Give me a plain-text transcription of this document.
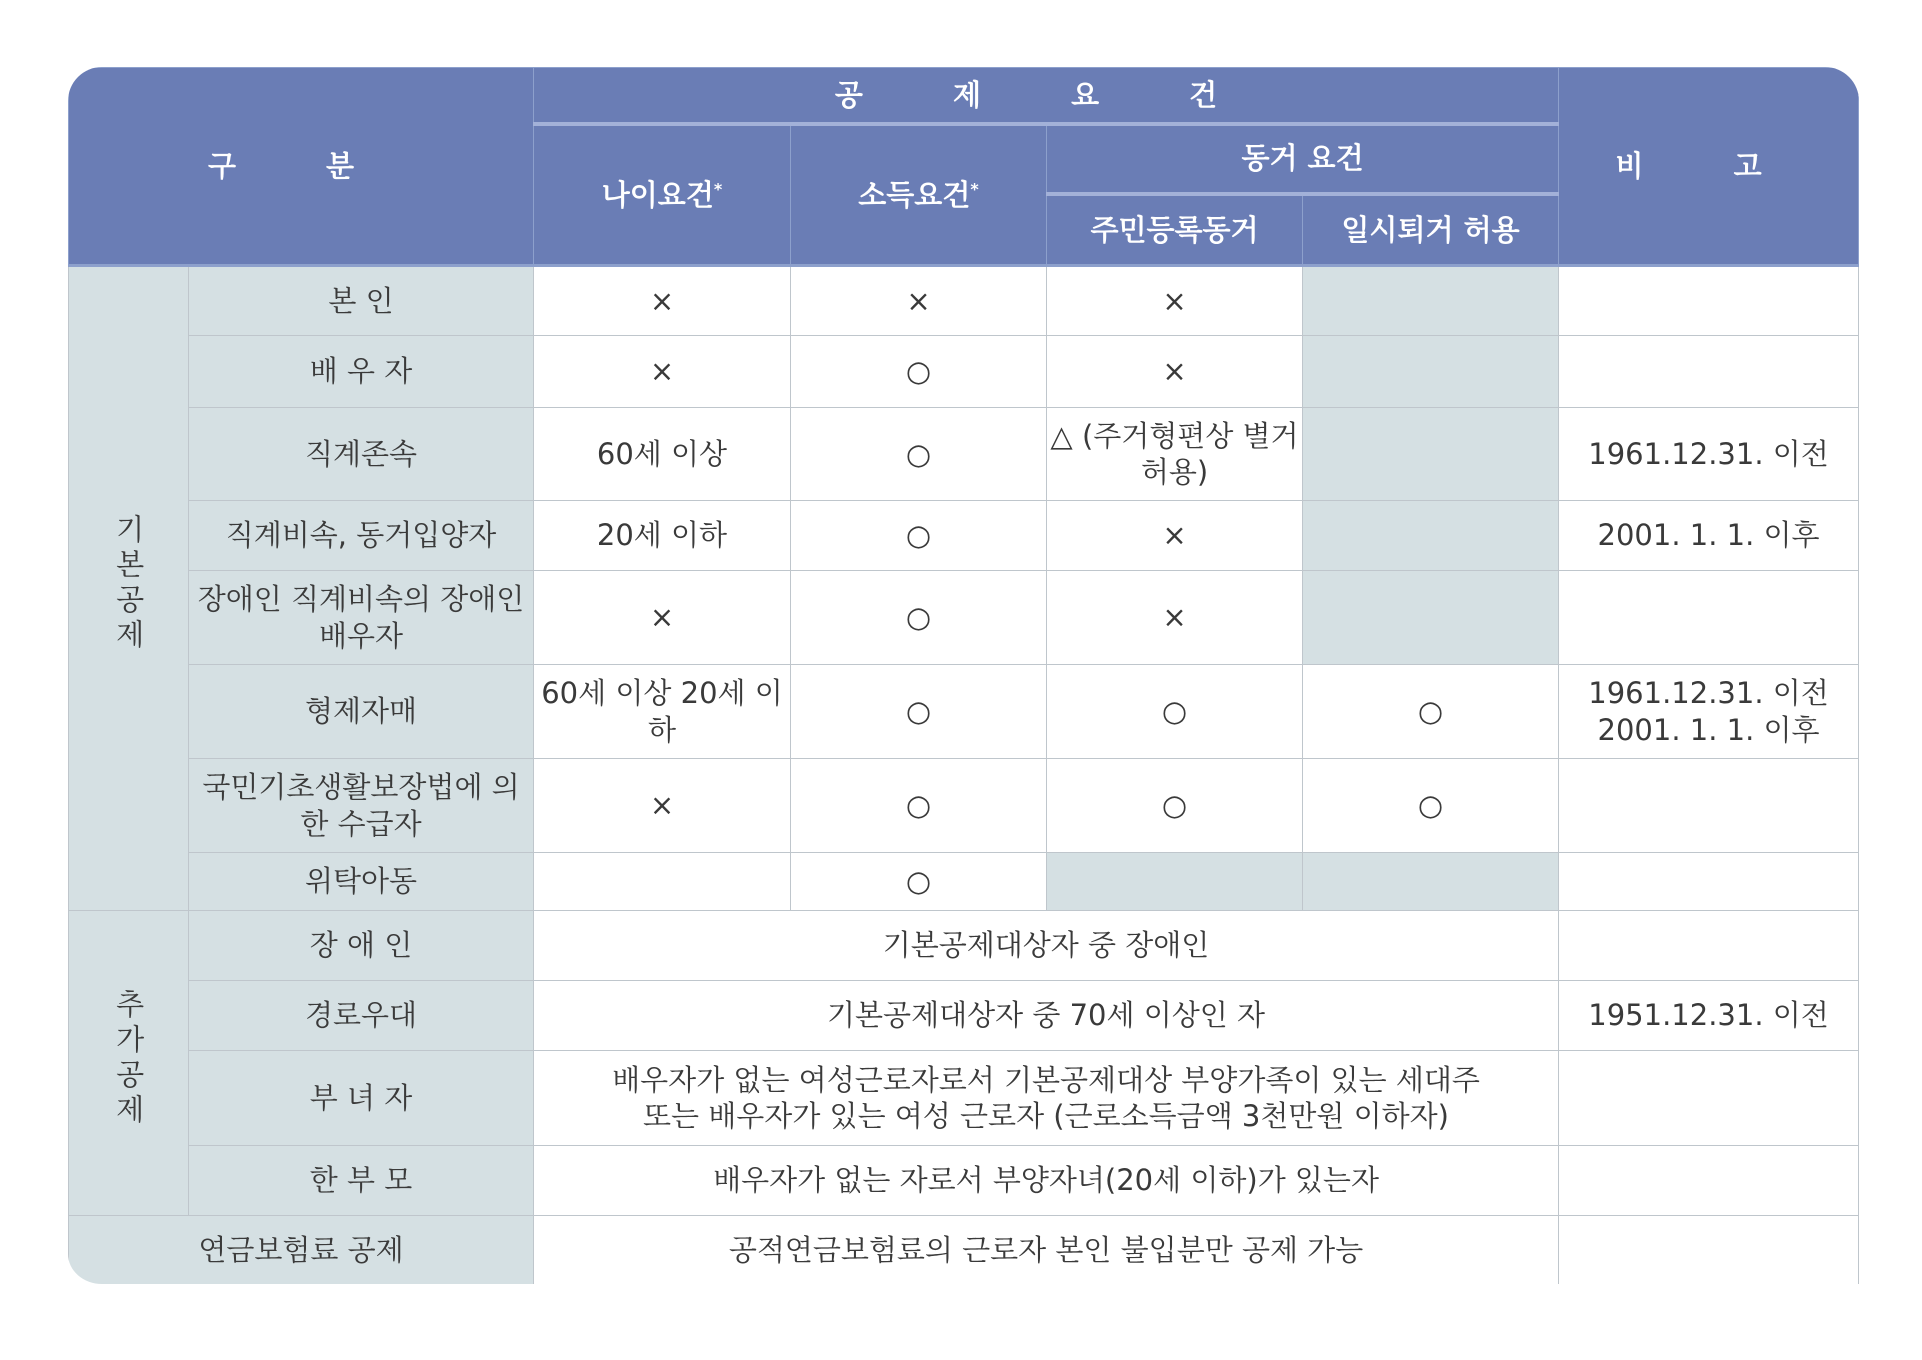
구 분		공 제 요 건				비 고
		나이요건*	소득요건*	동거 요건		
				주민등록동거	일시퇴거 허용	
기본공제	본 인	×	×	×		
	배 우 자	×	○	×		
	직계존속	60세 이상	○	△ (주거형편상 별거 허용)		1961.12.31. 이전
	직계비속, 동거입양자	20세 이하	○	×		2001. 1. 1. 이후
	장애인 직계비속의 장애인 배우자	×	○	×		
	형제자매	60세 이상 20세 이하	○	○	○	1961.12.31. 이전 2001. 1. 1. 이후
	국민기초생활보장법에 의한 수급자	×	○	○	○	
	위탁아동		○			
추가공제	장 애 인	기본공제대상자 중 장애인				
	경로우대	기본공제대상자 중 70세 이상인 자				1951.12.31. 이전
	부 녀 자	배우자가 없는 여성근로자로서 기본공제대상 부양가족이 있는 세대주 또는 배우자가 있는 여성 근로자 (근로소득금액 3천만원 이하자)				
	한 부 모	배우자가 없는 자로서 부양자녀(20세 이하)가 있는자				
연금보험료 공제		공적연금보험료의 근로자 본인 불입분만 공제 가능				
